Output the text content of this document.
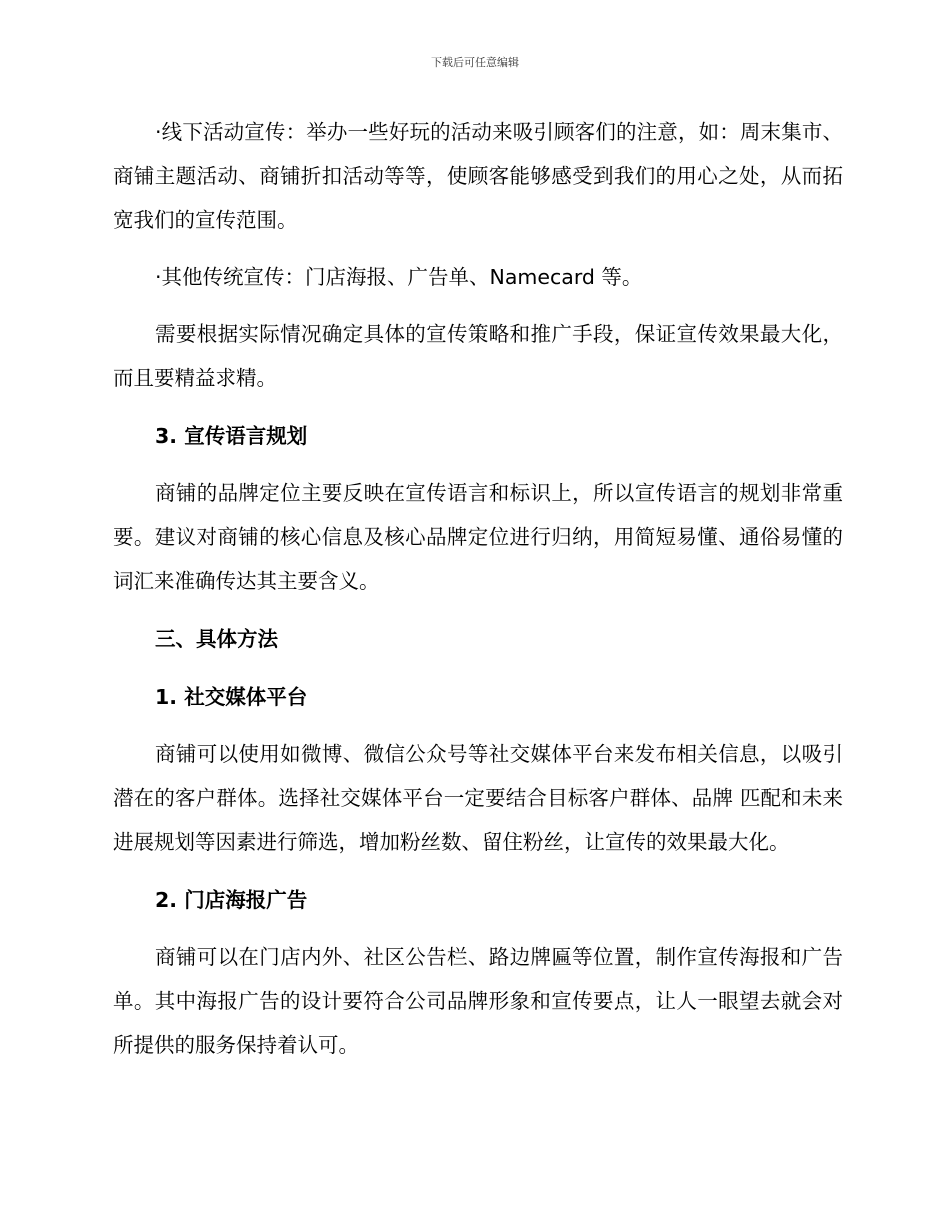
下载后可任意编辑

·线下活动宣传：举办一些好玩的活动来吸引顾客们的注意，如：周末集市、商铺主题活动、商铺折扣活动等等，使顾客能够感受到我们的用心之处，从而拓宽我们的宣传范围。

·其他传统宣传：门店海报、广告单、Namecard 等。

需要根据实际情况确定具体的宣传策略和推广手段，保证宣传效果最大化，而且要精益求精。

3. 宣传语言规划

商铺的品牌定位主要反映在宣传语言和标识上，所以宣传语言的规划非常重要。建议对商铺的核心信息及核心品牌定位进行归纳，用简短易懂、通俗易懂的词汇来准确传达其主要含义。

三、具体方法

1. 社交媒体平台

商铺可以使用如微博、微信公众号等社交媒体平台来发布相关信息，以吸引潜在的客户群体。选择社交媒体平台一定要结合目标客户群体、品牌 匹配和未来进展规划等因素进行筛选，增加粉丝数、留住粉丝，让宣传的效果最大化。

2. 门店海报广告

商铺可以在门店内外、社区公告栏、路边牌匾等位置，制作宣传海报和广告单。其中海报广告的设计要符合公司品牌形象和宣传要点，让人一眼望去就会对所提供的服务保持着认可。
